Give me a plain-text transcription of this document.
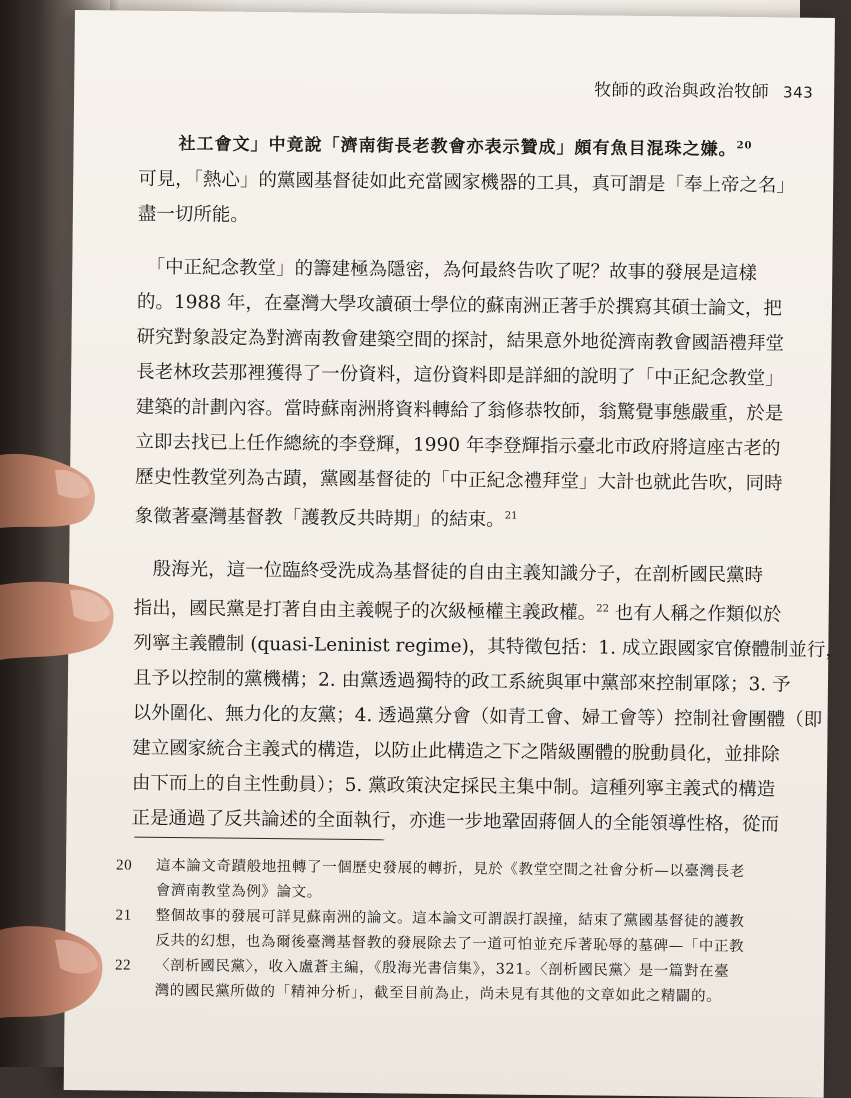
牧師的政治與政治牧師 343
社工會文」中竟說「濟南街長老教會亦表示贊成」頗有魚目混珠之嫌。$^{20}$

可見，「熱心」的黨國基督徒如此充當國家機器的工具，真可謂是「奉上帝之名」
盡一切所能。

　「中正紀念教堂」的籌建極為隱密，為何最終告吹了呢？故事的發展是這樣
的。1988 年，在臺灣大學攻讀碩士學位的蘇南洲正著手於撰寫其碩士論文，把
研究對象設定為對濟南教會建築空間的探討，結果意外地從濟南教會國語禮拜堂
長老林玫芸那裡獲得了一份資料，這份資料即是詳細的說明了「中正紀念教堂」
建築的計劃內容。當時蘇南洲將資料轉給了翁修恭牧師，翁驚覺事態嚴重，於是
立即去找已上任作總統的李登輝，1990 年李登輝指示臺北市政府將這座古老的
歷史性教堂列為古蹟，黨國基督徒的「中正紀念禮拜堂」大計也就此告吹，同時
象徵著臺灣基督教「護教反共時期」的結束。$^{21}$

　殷海光，這一位臨終受洗成為基督徒的自由主義知識分子，在剖析國民黨時
指出，國民黨是打著自由主義幌子的次級極權主義政權。$^{22}$ 也有人稱之作類似於
列寧主義體制 (quasi-Leninist regime)，其特徵包括：1. 成立跟國家官僚體制並行，
且予以控制的黨機構；2. 由黨透過獨特的政工系統與軍中黨部來控制軍隊；3. 予
以外圍化、無力化的友黨；4. 透過黨分會（如青工會、婦工會等）控制社會團體（即
建立國家統合主義式的構造，以防止此構造之下之階級團體的脫動員化，並排除
由下而上的自主性動員）；5. 黨政策決定採民主集中制。這種列寧主義式的構造
正是通過了反共論述的全面執行，亦進一步地鞏固蔣個人的全能領導性格，從而

20	這本論文奇蹟般地扭轉了一個歷史發展的轉折，見於《教堂空間之社會分析—以臺灣長老
會濟南教堂為例》論文。
21	整個故事的發展可詳見蘇南洲的論文。這本論文可謂誤打誤撞，結束了黨國基督徒的護教
反共的幻想，也為爾後臺灣基督教的發展除去了一道可怕並充斥著恥辱的墓碑—「中正教
22	〈剖析國民黨〉，收入盧蒼主編，《殷海光書信集》，321。〈剖析國民黨〉是一篇對在臺
灣的國民黨所做的「精神分析」，截至目前為止，尚未見有其他的文章如此之精闢的。
